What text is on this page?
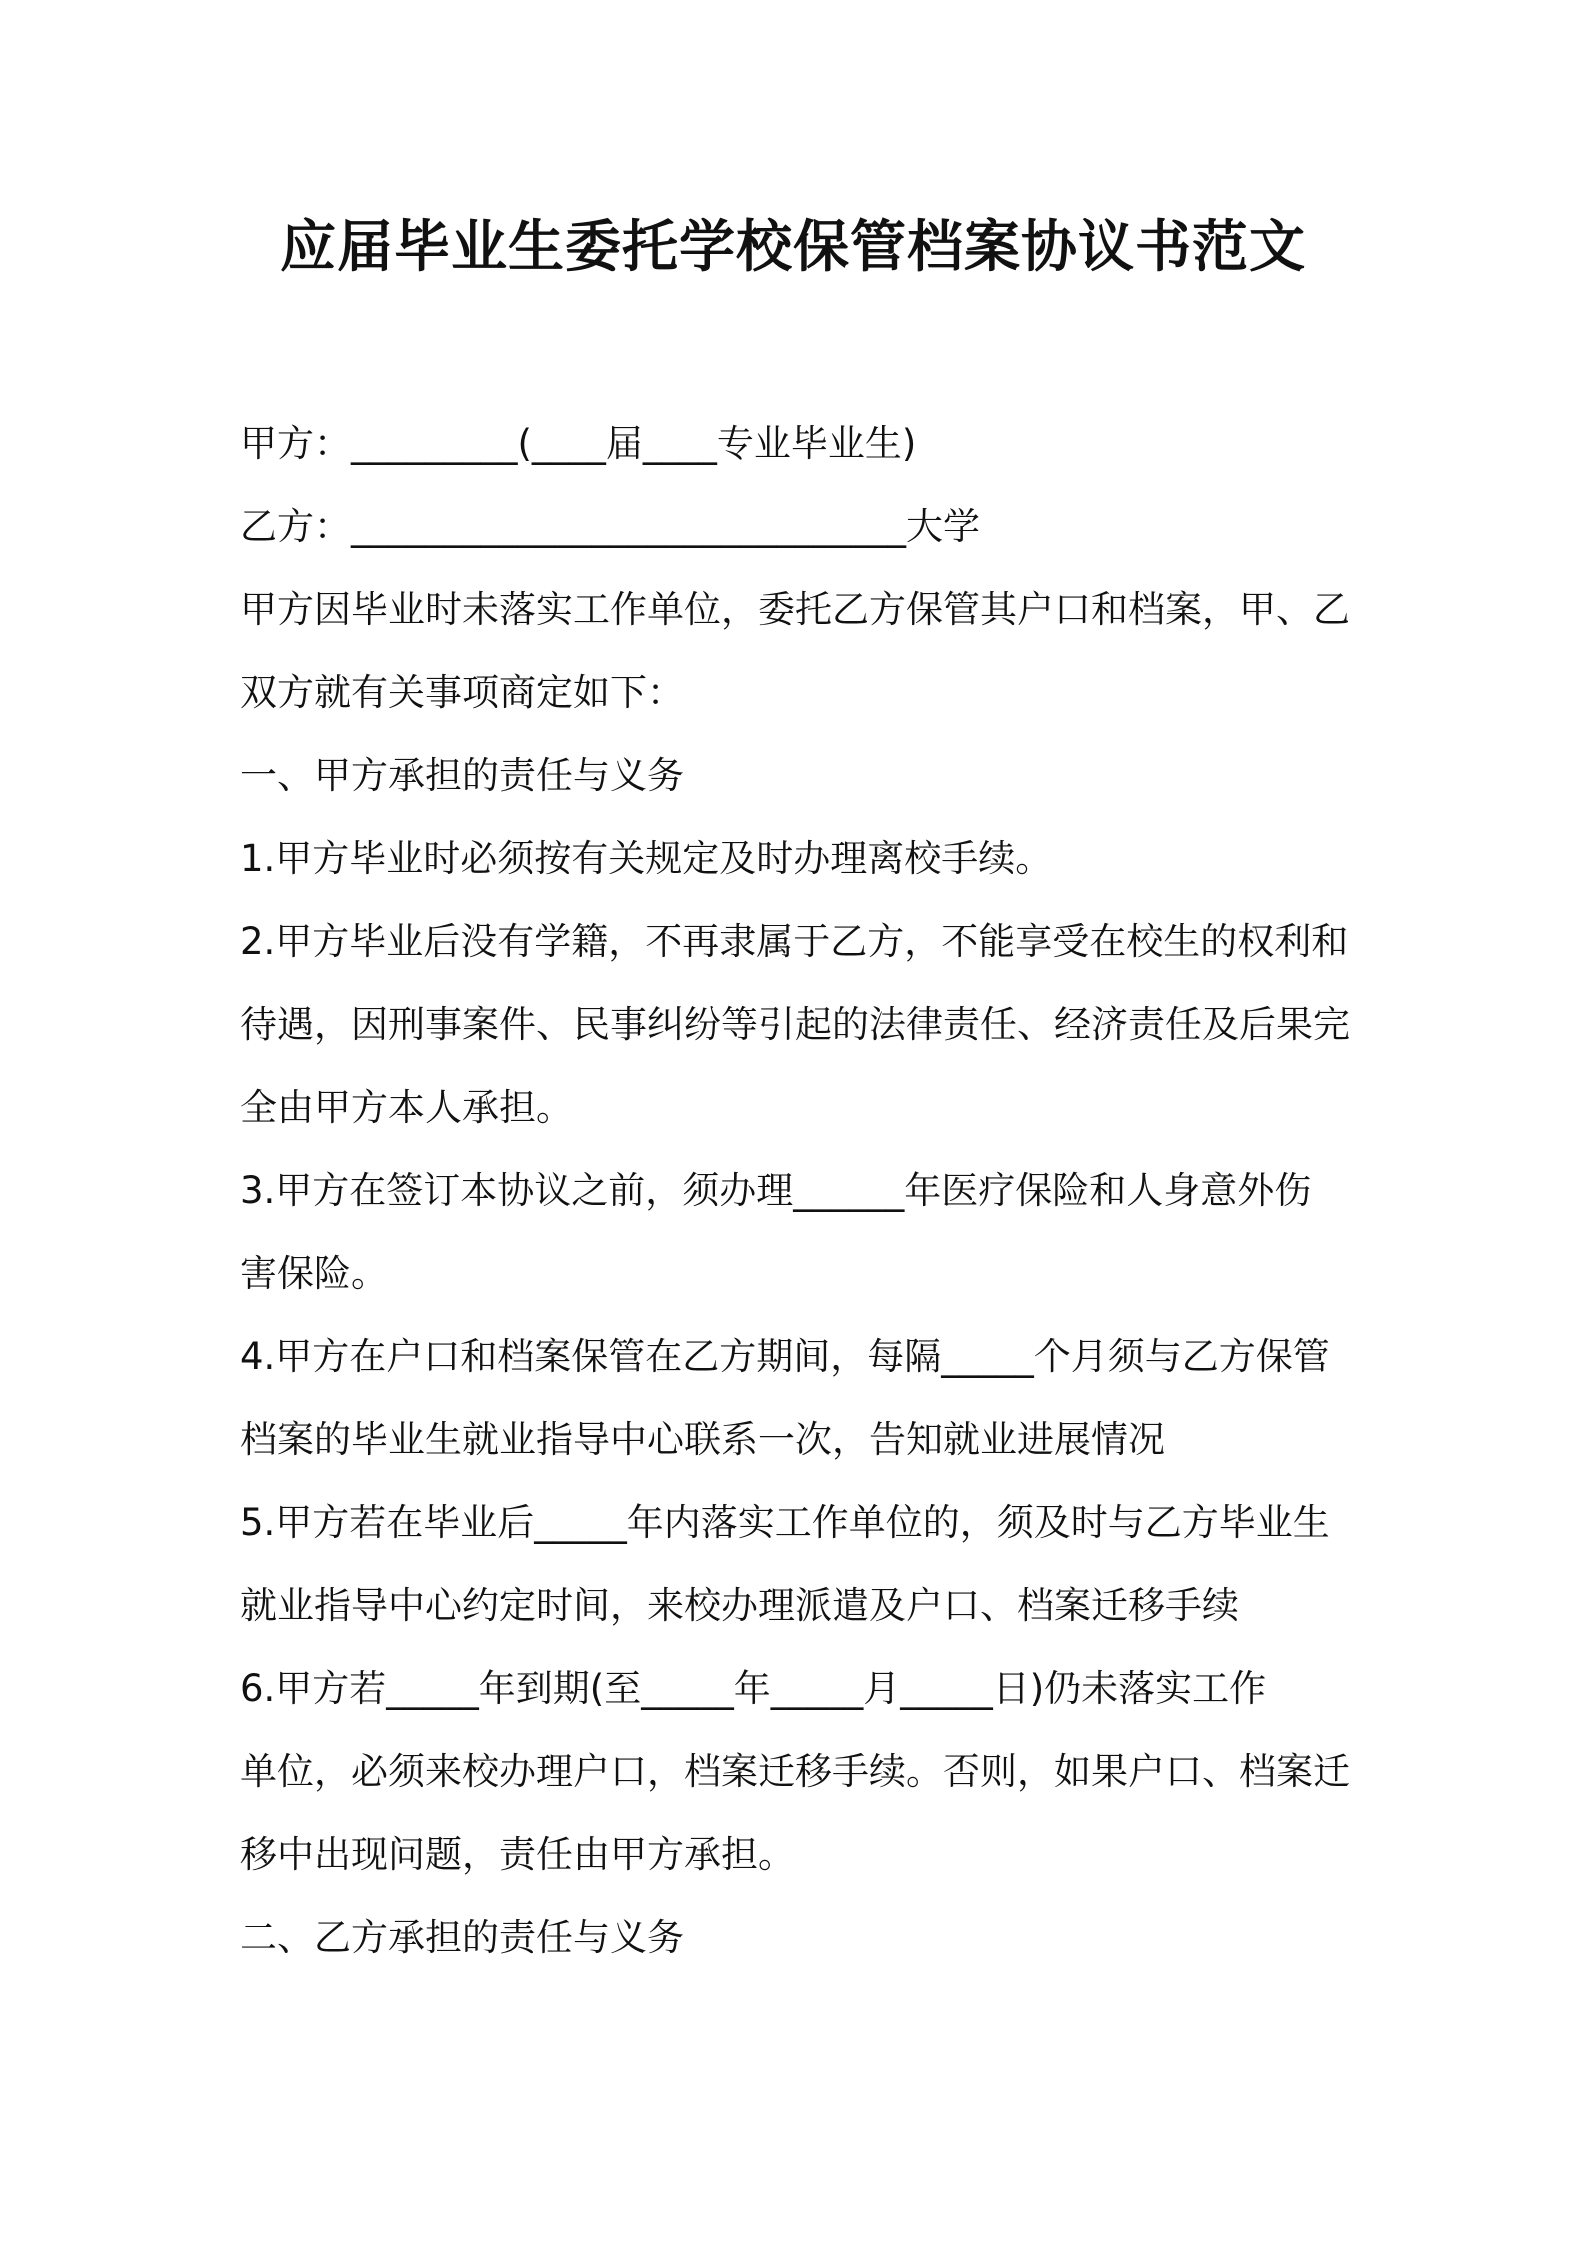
应届毕业生委托学校保管档案协议书范文

甲方：_________(____届____专业毕业生)

乙方：______________________________大学

甲方因毕业时未落实工作单位，委托乙方保管其户口和档案，甲、乙

双方就有关事项商定如下：

一、甲方承担的责任与义务

1.甲方毕业时必须按有关规定及时办理离校手续。

2.甲方毕业后没有学籍，不再隶属于乙方，不能享受在校生的权利和

待遇，因刑事案件、民事纠纷等引起的法律责任、经济责任及后果完

全由甲方本人承担。

3.甲方在签订本协议之前，须办理______年医疗保险和人身意外伤

害保险。

4.甲方在户口和档案保管在乙方期间，每隔_____个月须与乙方保管

档案的毕业生就业指导中心联系一次，告知就业进展情况

5.甲方若在毕业后_____年内落实工作单位的，须及时与乙方毕业生

就业指导中心约定时间，来校办理派遣及户口、档案迁移手续

6.甲方若_____年到期(至_____年_____月_____日)仍未落实工作

单位，必须来校办理户口，档案迁移手续。否则，如果户口、档案迁

移中出现问题，责任由甲方承担。

二、乙方承担的责任与义务
